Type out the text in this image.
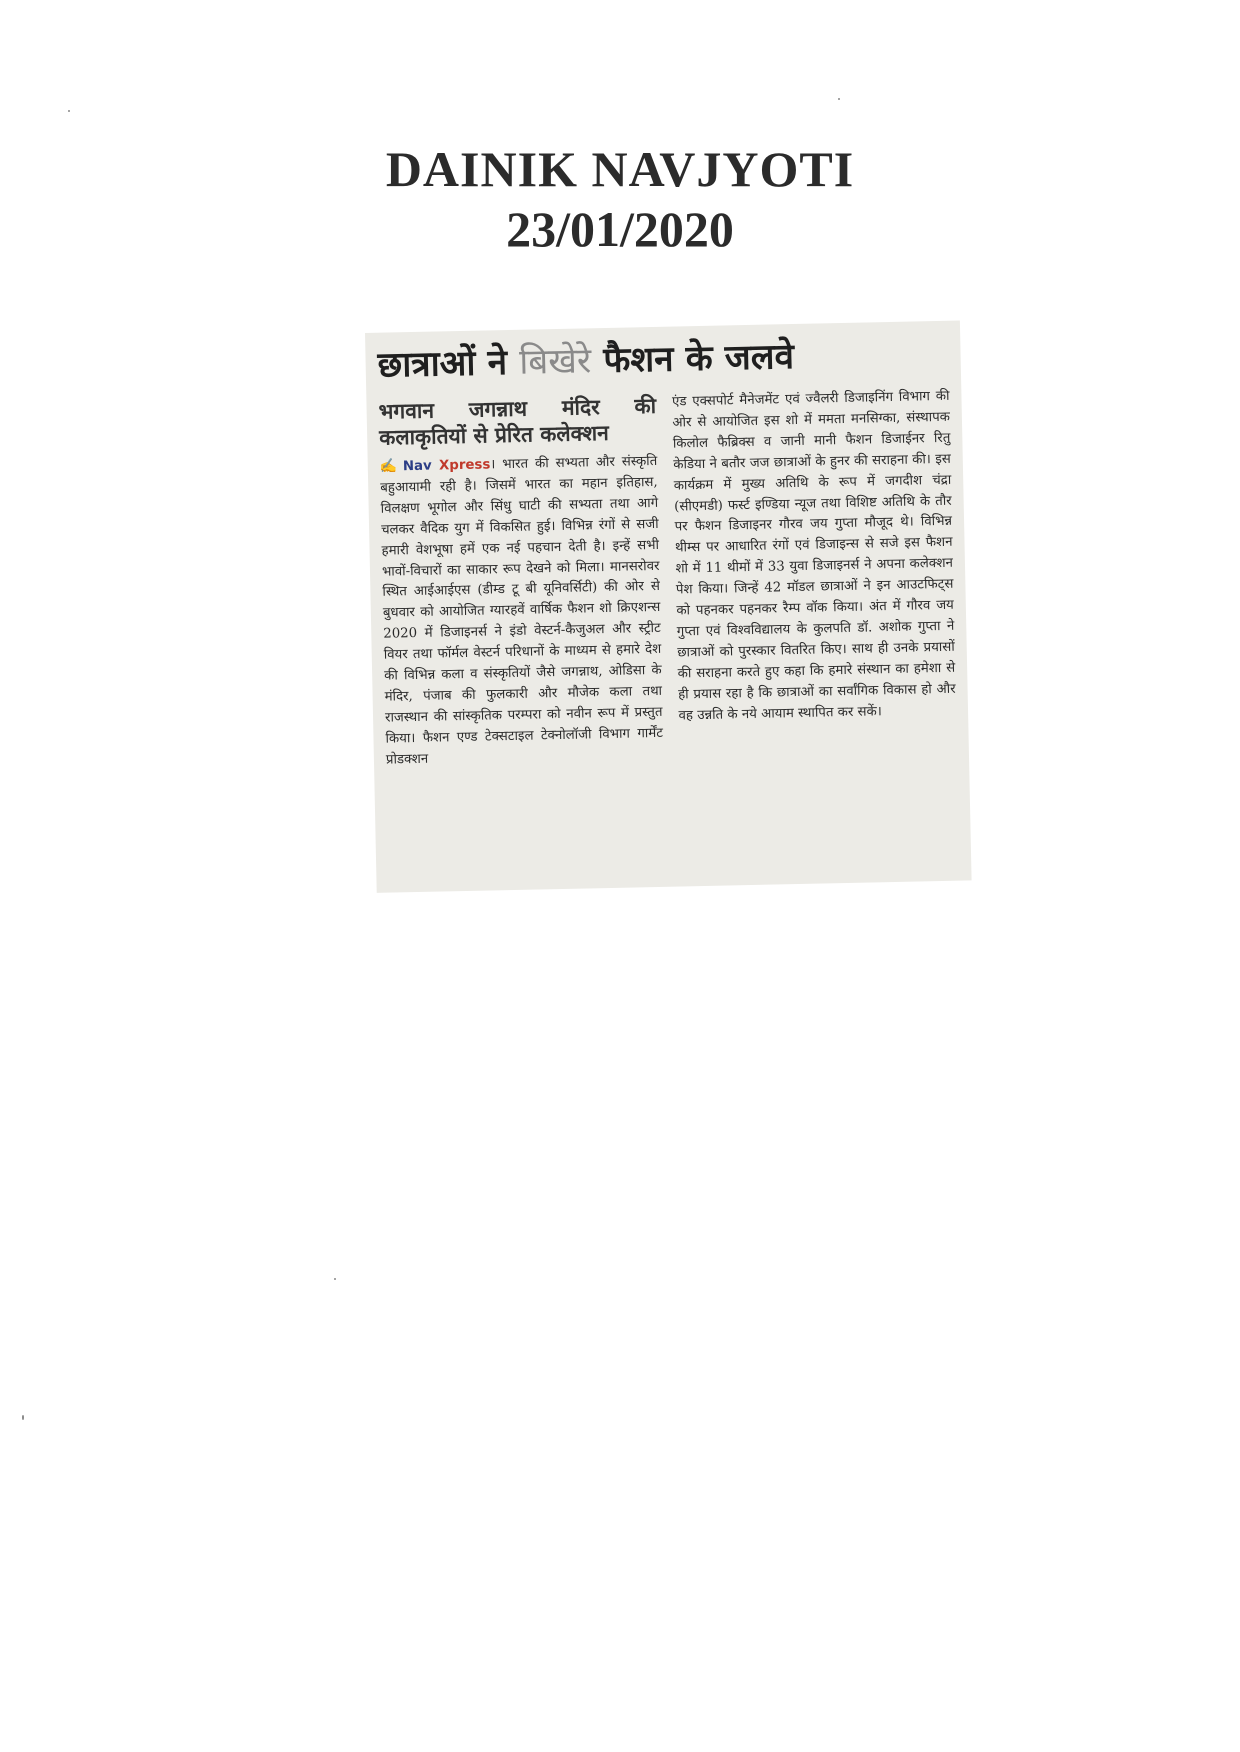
DAINIK NAVJYOTI
23/01/2020
छात्राओं ने बिखेरे फैशन के जलवे
भगवान जगन्नाथ मंदिर की कलाकृतियों से प्रेरित कलेक्शन

✍ Nav Xpress। भारत की सभ्यता और संस्कृति बहुआयामी रही है। जिसमें भारत का महान इतिहास, विलक्षण भूगोल और सिंधु घाटी की सभ्यता तथा आगे चलकर वैदिक युग में विकसित हुई। विभिन्न रंगों से सजी हमारी वेशभूषा हमें एक नई पहचान देती है। इन्हें सभी भावों-विचारों का साकार रूप देखने को मिला। मानसरोवर स्थित आईआईएस (डीम्ड टू बी यूनिवर्सिटी) की ओर से बुधवार को आयोजित ग्यारहवें वार्षिक फैशन शो क्रिएशन्स 2020 में डिजाइनर्स ने इंडो वेस्टर्न-कैजुअल और स्ट्रीट वियर तथा फॉर्मल वेस्टर्न परिधानों के माध्यम से हमारे देश की विभिन्न कला व संस्कृतियों जैसे जगन्नाथ, ओडिसा के मंदिर, पंजाब की फुलकारी और मौजेक कला तथा राजस्थान की सांस्कृतिक परम्परा को नवीन रूप में प्रस्तुत किया। फैशन एण्ड टेक्सटाइल टेक्नोलॉजी विभाग गार्मेंट प्रोडक्शन

एंड एक्सपोर्ट मैनेजमेंट एवं ज्वैलरी डिजाइनिंग विभाग की ओर से आयोजित इस शो में ममता मनसिग्का, संस्थापक किलोल फैब्रिक्स व जानी मानी फैशन डिजाईनर रितु केडिया ने बतौर जज छात्राओं के हुनर की सराहना की। इस कार्यक्रम में मुख्य अतिथि के रूप में जगदीश चंद्रा (सीएमडी) फर्स्ट इण्डिया न्यूज तथा विशिष्ट अतिथि के तौर पर फैशन डिजाइनर गौरव जय गुप्ता मौजूद थे। विभिन्न थीम्स पर आधारित रंगों एवं डिजाइन्स से सजे इस फैशन शो में 11 थीमों में 33 युवा डिजाइनर्स ने अपना कलेक्शन पेश किया। जिन्हें 42 मॉडल छात्राओं ने इन आउटफिट्स को पहनकर पहनकर रैम्प वॉक किया। अंत में गौरव जय गुप्ता एवं विश्वविद्यालय के कुलपति डॉ. अशोक गुप्ता ने छात्राओं को पुरस्कार वितरित किए। साथ ही उनके प्रयासों की सराहना करते हुए कहा कि हमारे संस्थान का हमेशा से ही प्रयास रहा है कि छात्राओं का सर्वांगिक विकास हो और वह उन्नति के नये आयाम स्थापित कर सकें।
